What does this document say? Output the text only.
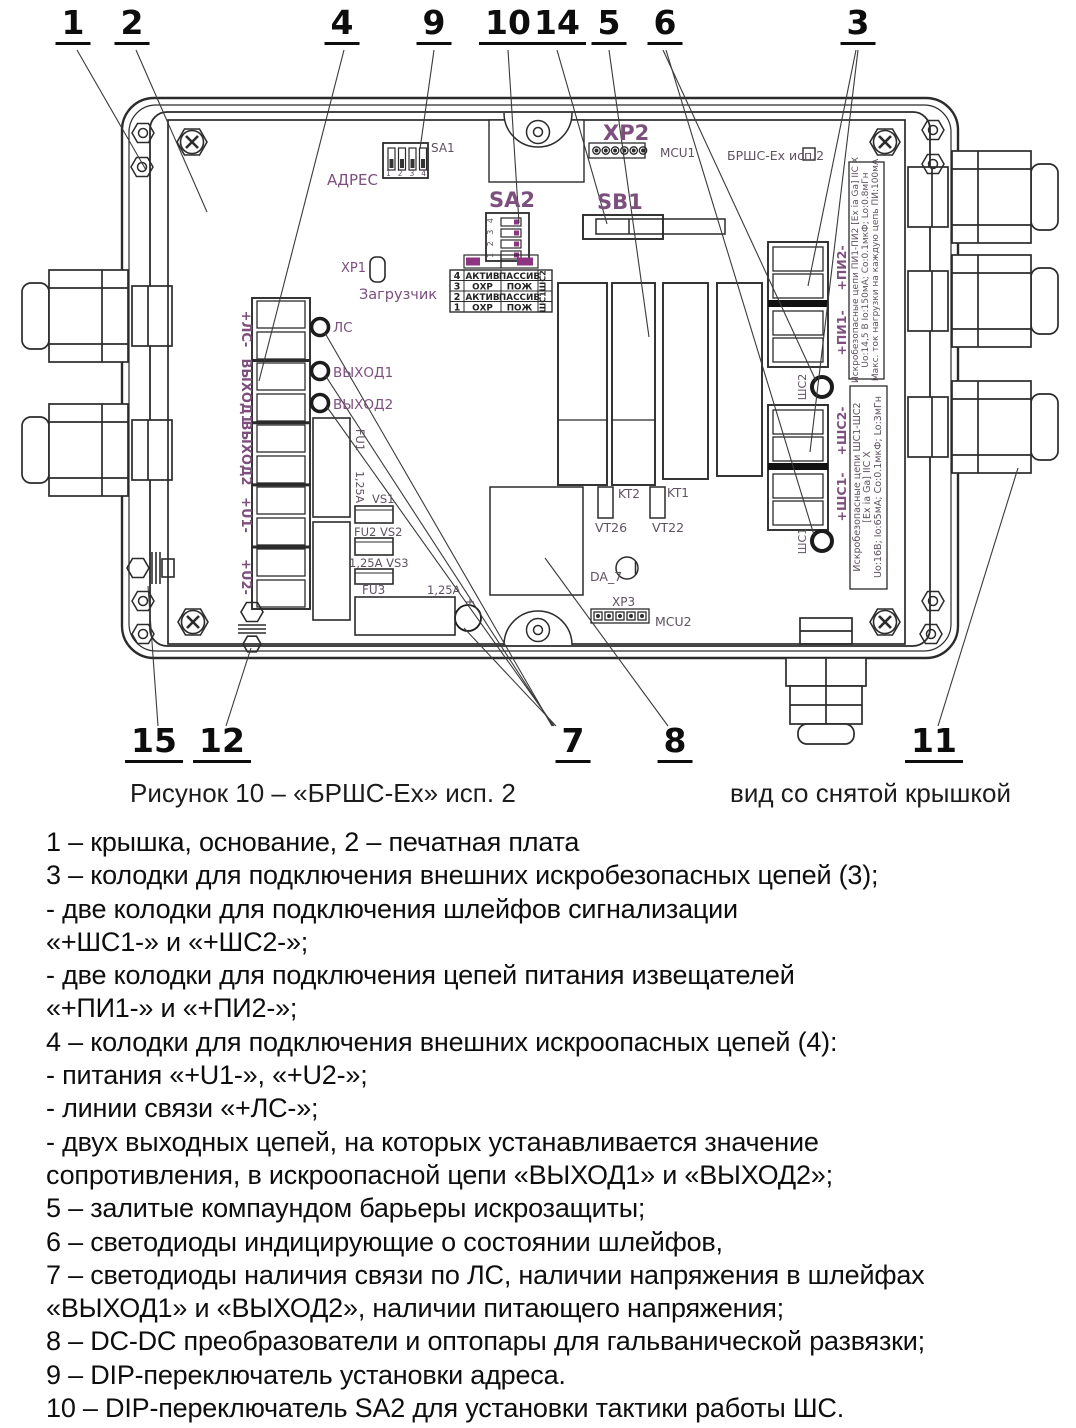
АДРЕС
SA1
1 2 3 4
SA2
1 2 3 4
XP1
Загрузчик
XP2
MCU1	БРШС-Ex исп.2
SB1
+ЛС-
ВЫХОД1
ВЫХОД2
+U1-
+U2-
ЛС
ВЫХОД1
ВЫХОД2
+
FU1
1,25A VS1
FU2 VS2
1,25A VS3
FU3	1,25A
KT2
VT26
KT1
VT22
DA_7
XP3
MCU2
+ПИ2-
+ПИ1-
+ШС2-
+ШС1-
ШС2
ШС1
Искробезопасные цепи ПИ1-ПИ2 [Ex ia Ga] IIC X Uo:14,5 В Io:150мА; Co:0.1мкФ; Lo:0.8мГн Макс. ток нагрузки на каждую цепь ПИ:100мА
Искробезопасные цепи ШС1-ШС2 [Ex ia Ga] IIC X Uo:16В; Io:65мА; Co:0.1мкФ; Lo:3мГн
4 АКТИВ ПАССИВ
3 ОХР ПОЖ
2 АКТИВ ПАССИВ
1 ОХР ПОЖ
ШС2
ШС1
1 2	4 9 10 14 5 6	3
15 12	7 8	11
Рисунок 10 – «БРШС-Ex» исп. 2	вид со снятой крышкой
1 – крышка, основание, 2 – печатная плата
3 – колодки для подключения внешних искробезопасных цепей (3);
- две колодки для подключения шлейфов сигнализации
«+ШС1-» и «+ШС2-»;
- две колодки для подключения цепей питания извещателей
«+ПИ1-» и «+ПИ2-»;
4 – колодки для подключения внешних искроопасных цепей (4):
- питания «+U1-», «+U2-»;
- линии связи «+ЛС-»;
- двух выходных цепей, на которых устанавливается значение
сопротивления, в искроопасной цепи «ВЫХОД1» и «ВЫХОД2»;
5 – залитые компаундом барьеры искрозащиты;
6 – светодиоды индицирующие о состоянии шлейфов,
7 – светодиоды наличия связи по ЛС, наличии напряжения в шлейфах
«ВЫХОД1» и «ВЫХОД2», наличии питающего напряжения;
8 – DC-DC преобразователи и оптопары для гальванической развязки;
9 – DIP-переключатель установки адреса.
10 – DIP-переключатель SA2 для установки тактики работы ШС.
